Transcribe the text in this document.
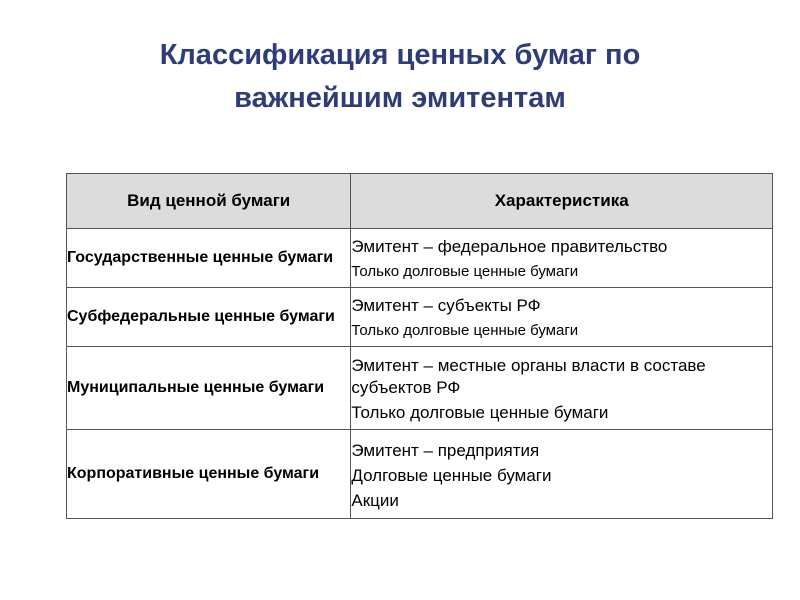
Классификация ценных бумаг по
важнейшим эмитентам
Вид ценной бумаги	Характеристика
Государственные ценные бумаги	Эмитент – федеральное правительство
Только долговые ценные бумаги

Субфедеральные ценные бумаги	Эмитент – субъекты РФ
Только долговые ценные бумаги

Муниципальные ценные бумаги	Эмитент – местные органы власти в составе субъектов РФ
Только долговые ценные бумаги

Корпоративные ценные бумаги	Эмитент – предприятия
Долговые ценные бумаги
Акции
